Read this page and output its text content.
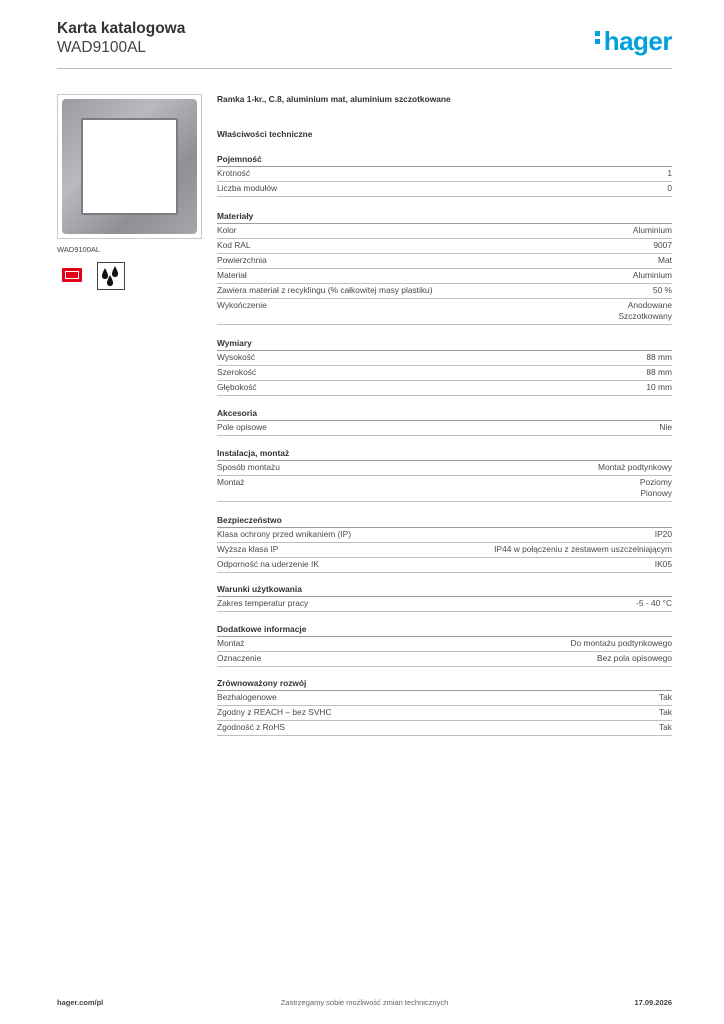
Karta katalogowa
WAD9100AL	hager
WAD9100AL
Ramka 1-kr., C.8, aluminium mat, aluminium szczotkowane
Właściwości techniczne
Pojemność
Krotność	1
Liczba modułów	0
Materiały
Kolor	Aluminium
Kod RAL	9007
Powierzchnia	Mat
Materiał	Aluminium
Zawiera materiał z recyklingu (% całkowitej masy plastiku)	50 %
Wykończenie	Anodowane
Szczotkowany
Wymiary
Wysokość	88 mm
Szerokość	88 mm
Głębokość	10 mm
Akcesoria
Pole opisowe	Nie
Instalacja, montaż
Sposób montażu	Montaż podtynkowy
Montaż	Poziomy
Pionowy
Bezpieczeństwo
Klasa ochrony przed wnikaniem (IP)	IP20
Wyższa klasa IP	IP44 w połączeniu z zestawem uszczelniającym
Odporność na uderzenie IK	IK05
Warunki użytkowania
Zakres temperatur pracy	-5 - 40 °C
Dodatkowe informacje
Montaż	Do montażu podtynkowego
Oznaczenie	Bez pola opisowego
Zrównoważony rozwój
Bezhalogenowe	Tak
Zgodny z REACH – bez SVHC	Tak
Zgodność z RoHS	Tak
hager.com/pl	Zastrzegamy sobie możliwość zmian technicznych	17.09.2026
